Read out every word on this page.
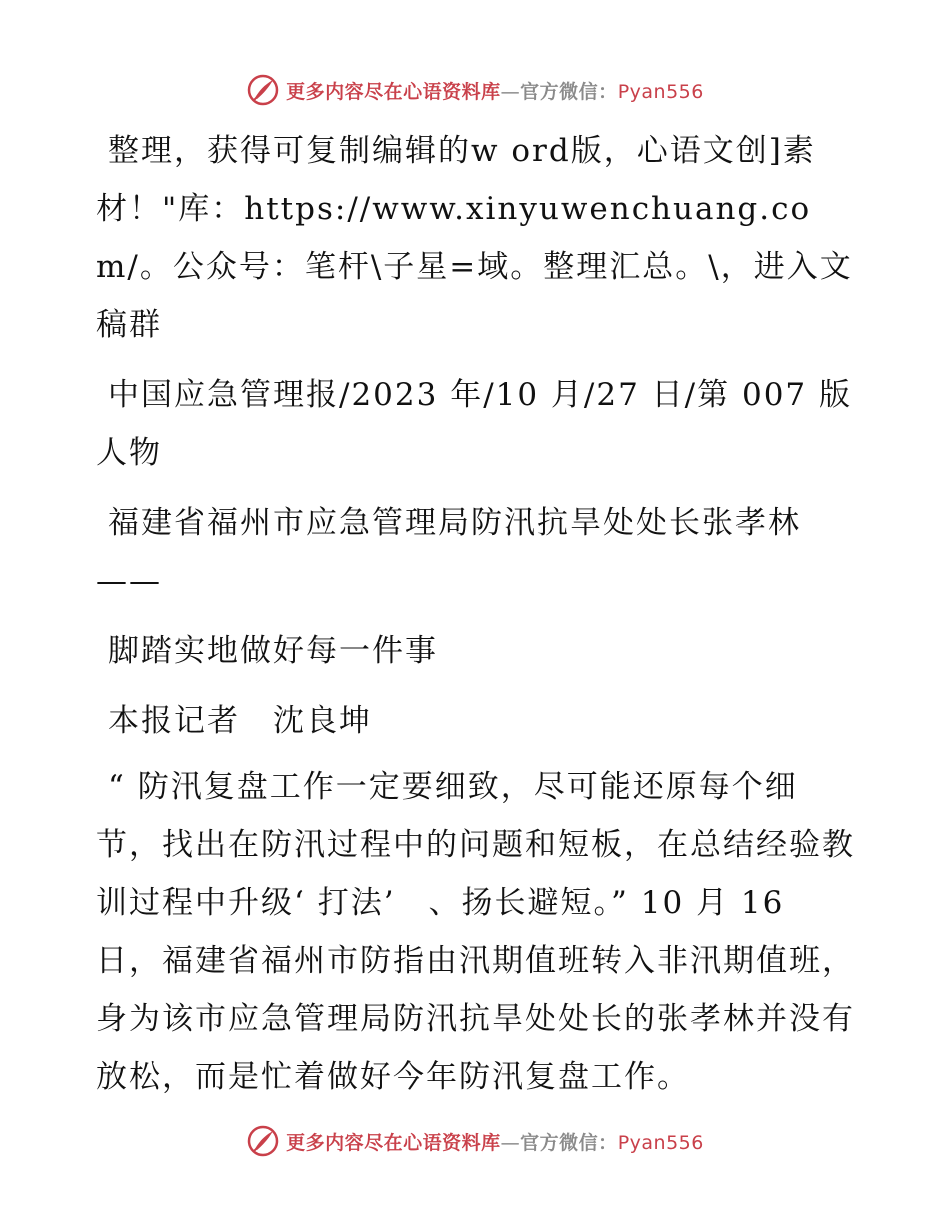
更多内容尽在心语资料库—官方微信：Pyan556

整理，获得可复制编辑的w ord版，心语文创]素材！"库：https://www.xinyuwenchuang.com/。公众号：笔杆\子星=域。整理汇总。\，进入文稿群

中国应急管理报/2023 年/10 月/27 日/第 007 版人物

福建省福州市应急管理局防汛抗旱处处长张孝林——

脚踏实地做好每一件事

本报记者　沈良坤

“ 防汛复盘工作一定要细致，尽可能还原每个细节，找出在防汛过程中的问题和短板，在总结经验教训过程中升级‘ 打法’　、扬长避短。” 10 月 16 日，福建省福州市防指由汛期值班转入非汛期值班，身为该市应急管理局防汛抗旱处处长的张孝林并没有放松，而是忙着做好今年防汛复盘工作。

更多内容尽在心语资料库—官方微信：Pyan556
